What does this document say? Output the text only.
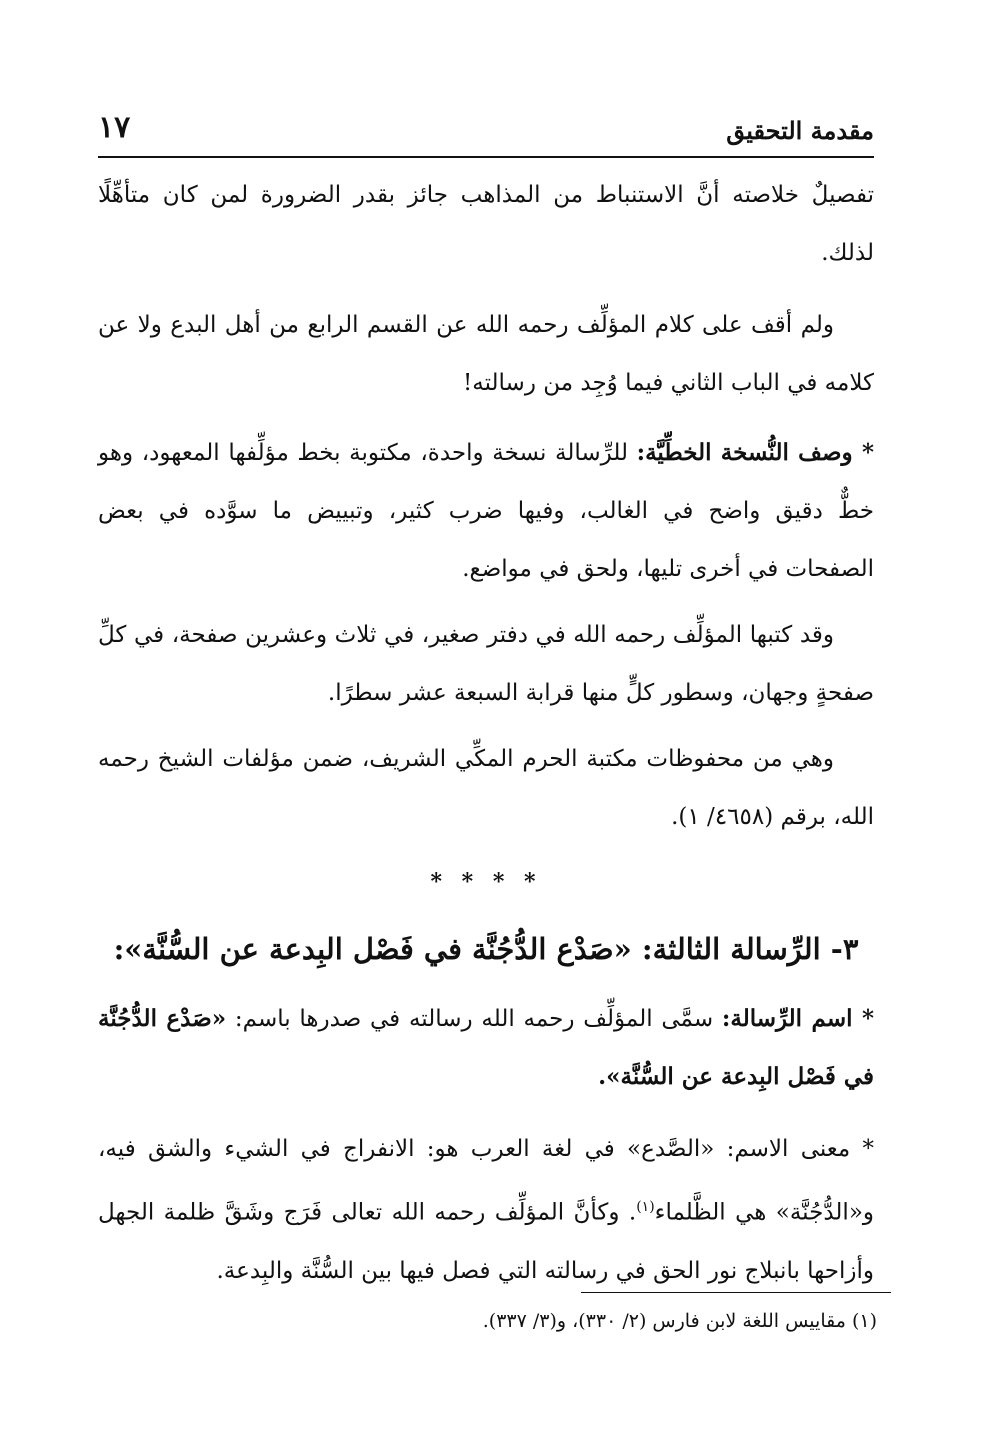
مقدمة التحقيق
١٧

تفصيلٌ خلاصته أنَّ الاستنباط من المذاهب جائز بقدر الضرورة لمن كان متأهِّلًا لذلك.

ولم أقف على كلام المؤلِّف رحمه الله عن القسم الرابع من أهل البدع ولا عن كلامه في الباب الثاني فيما وُجِد من رسالته!

* وصف النُّسخة الخطِّيَّة: للرِّسالة نسخة واحدة، مكتوبة بخط مؤلِّفها المعهود، وهو خطٌّ دقيق واضح في الغالب، وفيها ضرب كثير، وتبييض ما سوَّده في بعض الصفحات في أخرى تليها، ولحق في مواضع.

وقد كتبها المؤلِّف رحمه الله في دفتر صغير، في ثلاث وعشرين صفحة، في كلِّ صفحةٍ وجهان، وسطور كلٍّ منها قرابة السبعة عشر سطرًا.

وهي من محفوظات مكتبة الحرم المكِّي الشريف، ضمن مؤلفات الشيخ رحمه الله، برقم (٤٦٥٨/ ١).

* * * *
٣- الرِّسالة الثالثة: «صَدْع الدُّجُنَّة في فَصْل البِدعة عن السُّنَّة»:

* اسم الرِّسالة: سمَّى المؤلِّف رحمه الله رسالته في صدرها باسم: «صَدْع الدُّجُنَّة في فَصْل البِدعة عن السُّنَّة».

* معنى الاسم: «الصَّدع» في لغة العرب هو: الانفراج في الشيء والشق فيه، و«الدُّجُنَّة» هي الظَّلماء$^{(١)}$. وكأنَّ المؤلِّف رحمه الله تعالى فَرَج وشَقَّ ظلمة الجهل وأزاحها بانبلاج نور الحق في رسالته التي فصل فيها بين السُّنَّة والبِدعة.

(١) مقاييس اللغة لابن فارس (٢/ ٣٣٠)، و(٣/ ٣٣٧).
